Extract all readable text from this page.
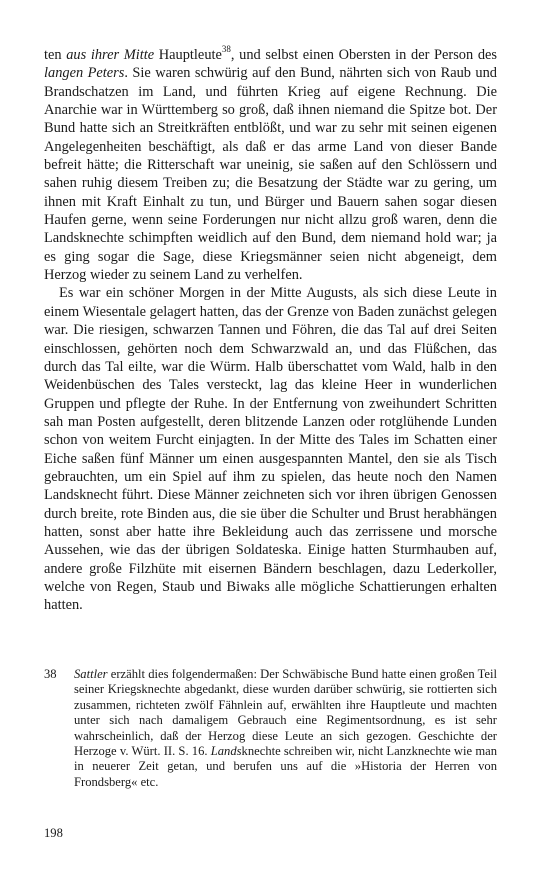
ten aus ihrer Mitte Hauptleute$^{38}$, und selbst einen Obersten in der Person des langen Peters. Sie waren schwürig auf den Bund, nährten sich von Raub und Brandschatzen im Land, und führten Krieg auf eigene Rechnung. Die Anarchie war in Württemberg so groß, daß ihnen niemand die Spitze bot. Der Bund hatte sich an Streitkräften entblößt, und war zu sehr mit seinen eigenen Angelegenheiten beschäftigt, als daß er das arme Land von dieser Bande befreit hätte; die Ritterschaft war uneinig, sie saßen auf den Schlössern und sahen ruhig diesem Treiben zu; die Besatzung der Städte war zu gering, um ihnen mit Kraft Einhalt zu tun, und Bürger und Bauern sahen sogar diesen Haufen gerne, wenn seine Forderungen nur nicht allzu groß waren, denn die Landsknechte schimpften weidlich auf den Bund, dem niemand hold war; ja es ging sogar die Sage, diese Kriegsmänner seien nicht abgeneigt, dem Herzog wieder zu seinem Land zu verhelfen.

Es war ein schöner Morgen in der Mitte Augusts, als sich diese Leute in einem Wiesentale gelagert hatten, das der Grenze von Baden zunächst gelegen war. Die riesigen, schwarzen Tannen und Föhren, die das Tal auf drei Seiten einschlossen, gehörten noch dem Schwarzwald an, und das Flüßchen, das durch das Tal eilte, war die Würm. Halb überschattet vom Wald, halb in den Weidenbüschen des Tales versteckt, lag das kleine Heer in wunderlichen Gruppen und pflegte der Ruhe. In der Entfernung von zweihundert Schritten sah man Posten aufgestellt, deren blitzende Lanzen oder rotglühende Lunden schon von weitem Furcht einjagten. In der Mitte des Tales im Schatten einer Eiche saßen fünf Männer um einen ausgespannten Mantel, den sie als Tisch gebrauchten, um ein Spiel auf ihm zu spielen, das heute noch den Namen Landsknecht führt. Diese Männer zeichneten sich vor ihren übrigen Genossen durch breite, rote Binden aus, die sie über die Schulter und Brust herabhängen hatten, sonst aber hatte ihre Bekleidung auch das zerrissene und morsche Aussehen, wie das der übrigen Soldateska. Einige hatten Sturmhauben auf, andere große Filzhüte mit eisernen Bändern beschlagen, dazu Lederkoller, welche von Regen, Staub und Biwaks alle mögliche Schattierungen erhalten hatten.

38 Sattler erzählt dies folgendermaßen: Der Schwäbische Bund hatte einen großen Teil seiner Kriegsknechte abgedankt, diese wurden darüber schwürig, sie rottierten sich zusammen, richteten zwölf Fähnlein auf, erwählten ihre Hauptleute und machten unter sich nach damaligem Gebrauch eine Regimentsordnung, es ist sehr wahrscheinlich, daß der Herzog diese Leute an sich gezogen. Geschichte der Herzoge v. Würt. II. S. 16. Landsknechte schreiben wir, nicht Lanzknechte wie man in neuerer Zeit getan, und berufen uns auf die »Historia der Herren von Frondsberg« etc.
198
